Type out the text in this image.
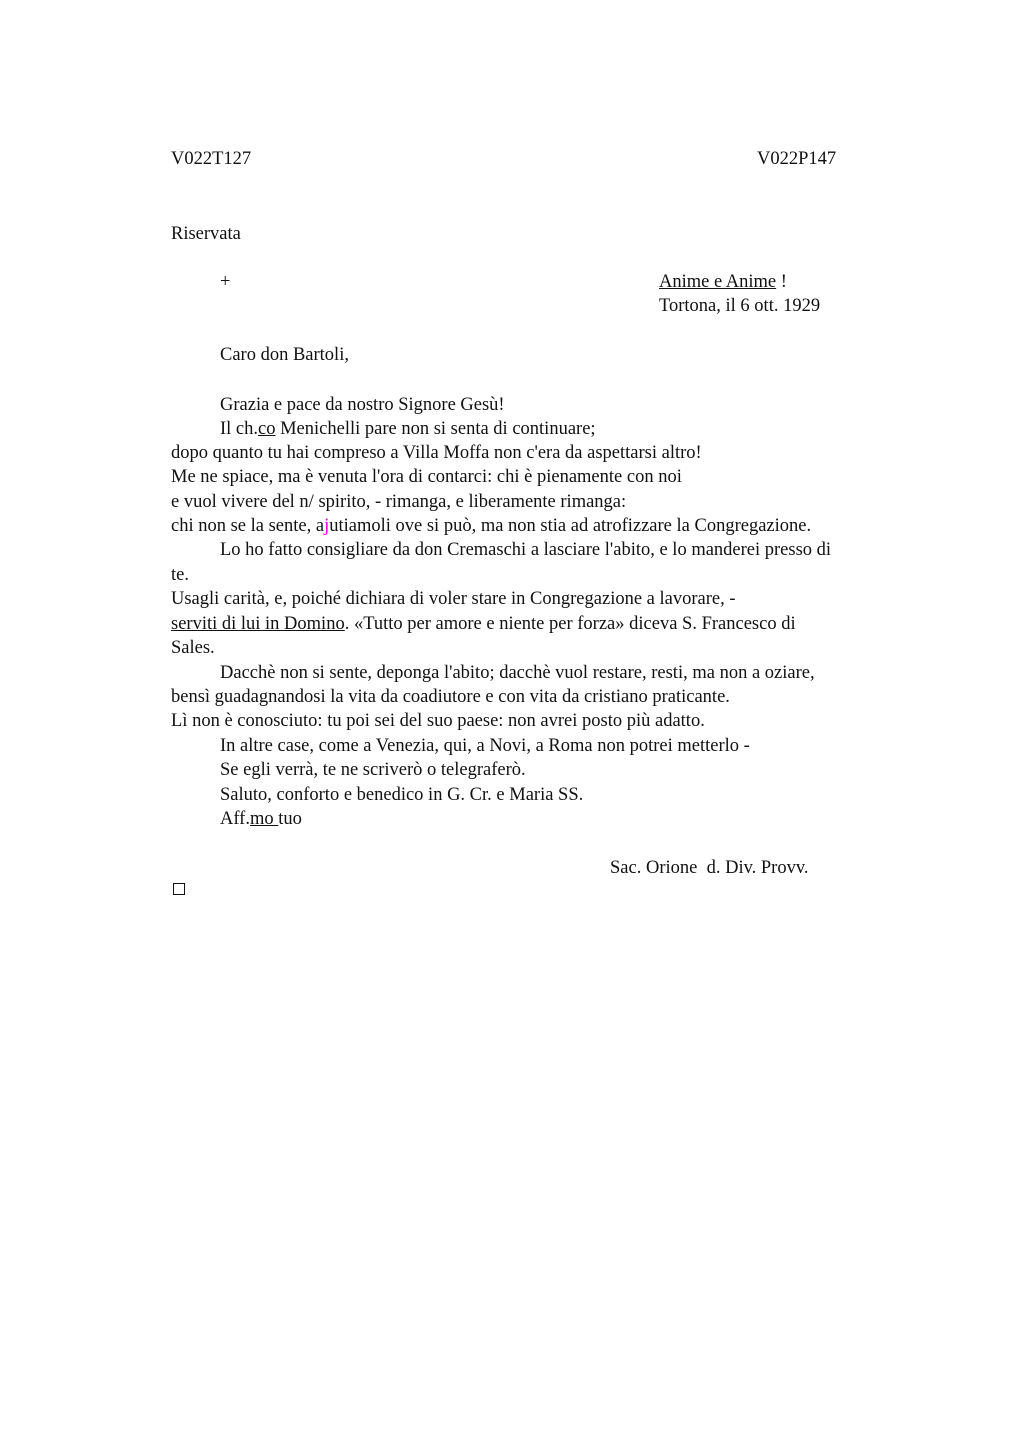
V022T127	V022P147
Riservata
+	Anime e Anime !
Tortona, il 6 ott. 1929
Caro don Bartoli,
Grazia e pace da nostro Signore Gesù!
Il ch.co Menichelli pare non si senta di continuare;
dopo quanto tu hai compreso a Villa Moffa non c'era da aspettarsi altro!
Me ne spiace, ma è venuta l'ora di contarci: chi è pienamente con noi
e vuol vivere del n/ spirito, - rimanga, e liberamente rimanga:
chi non se la sente, ajutiamoli ove si può, ma non stia ad atrofizzare la Congregazione.
Lo ho fatto consigliare da don Cremaschi a lasciare l'abito, e lo manderei presso di
te.
Usagli carità, e, poiché dichiara di voler stare in Congregazione a lavorare, -
serviti di lui in Domino. «Tutto per amore e niente per forza» diceva S. Francesco di
Sales.
Dacchè non si sente, deponga l'abito; dacchè vuol restare, resti, ma non a oziare,
bensì guadagnandosi la vita da coadiutore e con vita da cristiano praticante.
Lì non è conosciuto: tu poi sei del suo paese: non avrei posto più adatto.
In altre case, come a Venezia, qui, a Novi, a Roma non potrei metterlo -
Se egli verrà, te ne scriverò o telegraferò.
Saluto, conforto e benedico in G. Cr. e Maria SS.
Aff.mo tuo
Sac. Orione  d. Div. Provv.
